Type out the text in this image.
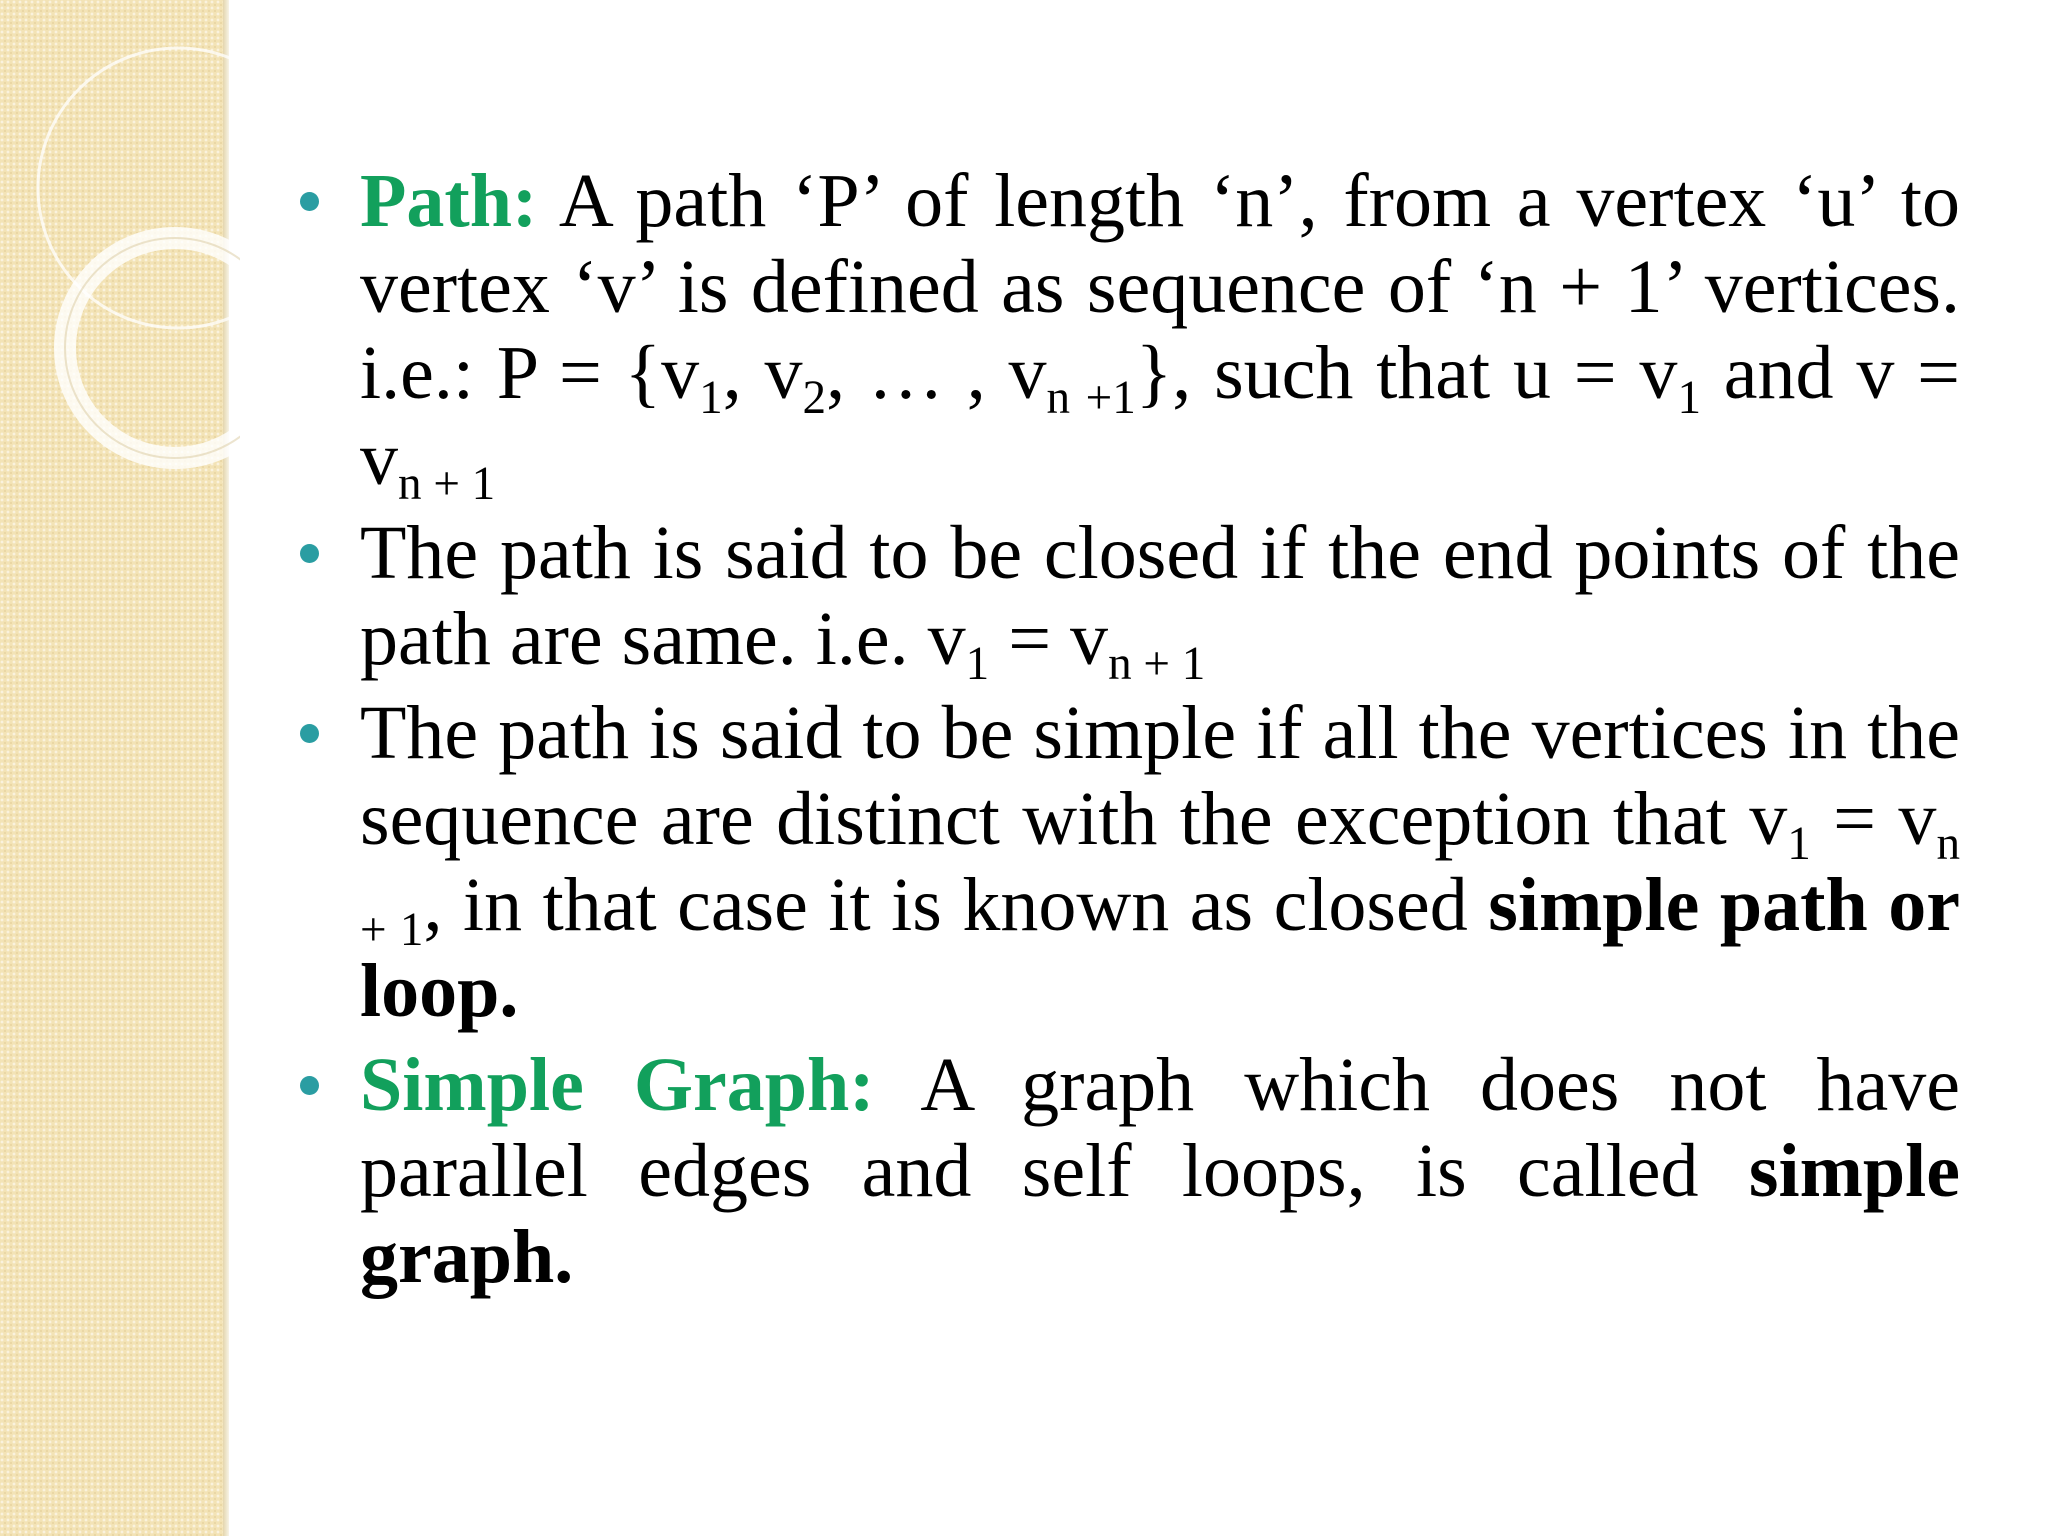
Path: A path ‘P’ of length ‘n’, from a vertex ‘u’ to vertex ‘v’ is defined as sequence of ‘n + 1’ vertices. i.e.: $P = \{v_1$, $v_2$, … , $v_{n +1}$}, such that $u = v_1$ and $v = v_{n + 1}$
The path is said to be closed if the end points of the path are same. i.e. $v_1 = v_{n + 1}$
The path is said to be simple if all the vertices in the sequence are distinct with the exception that $v_1 = v_{n + 1}$, in that case it is known as closed simple path or loop.
Simple Graph: A graph which does not have parallel edges and self loops, is called simple graph.
